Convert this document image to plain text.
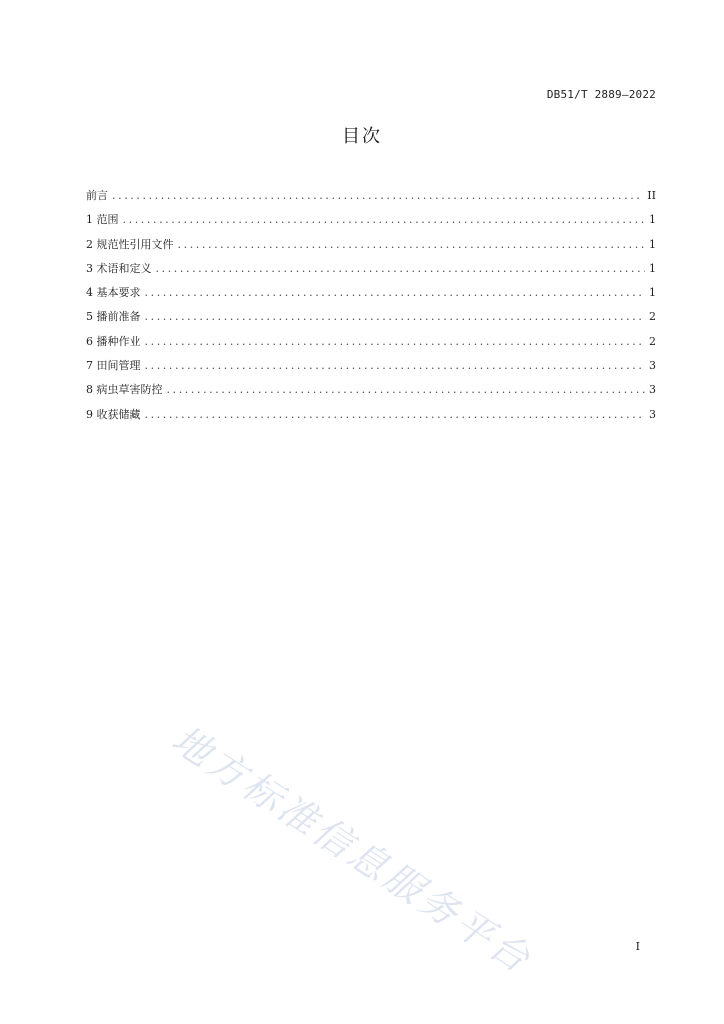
DB51/T 2889—2022
目次
前言 .....	II
1 范围 .....	1
2 规范性引用文件 .....	1
3 术语和定义 .....	1
4 基本要求 .....	1
5 播前准备 .....	2
6 播种作业 .....	2
7 田间管理 .....	3
8 病虫草害防控 .....	3
9 收获储藏 .....	3
地方标准信息服务平台	I
